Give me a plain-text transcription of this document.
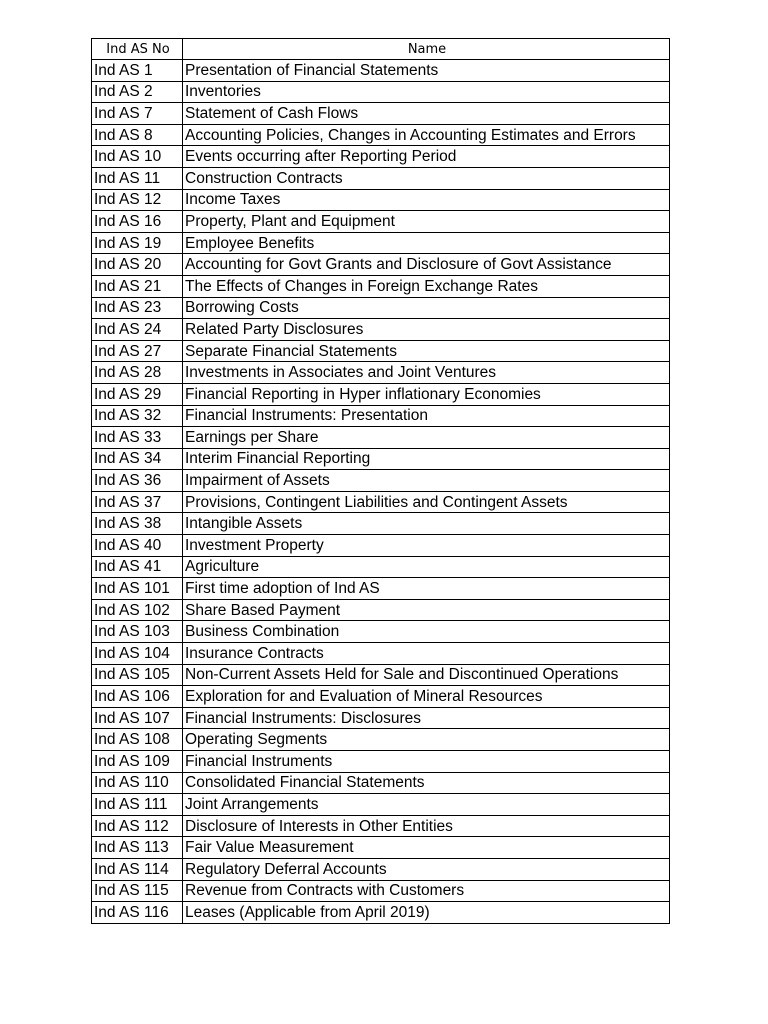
Ind AS No	Name
Ind AS 1	Presentation of Financial Statements
Ind AS 2	Inventories
Ind AS 7	Statement of Cash Flows
Ind AS 8	Accounting Policies, Changes in Accounting Estimates and Errors
Ind AS 10	Events occurring after Reporting Period
Ind AS 11	Construction Contracts
Ind AS 12	Income Taxes
Ind AS 16	Property, Plant and Equipment
Ind AS 19	Employee Benefits
Ind AS 20	Accounting for Govt Grants and Disclosure of Govt Assistance
Ind AS 21	The Effects of Changes in Foreign Exchange Rates
Ind AS 23	Borrowing Costs
Ind AS 24	Related Party Disclosures
Ind AS 27	Separate Financial Statements
Ind AS 28	Investments in Associates and Joint Ventures
Ind AS 29	Financial Reporting in Hyper inflationary Economies
Ind AS 32	Financial Instruments: Presentation
Ind AS 33	Earnings per Share
Ind AS 34	Interim Financial Reporting
Ind AS 36	Impairment of Assets
Ind AS 37	Provisions, Contingent Liabilities and Contingent Assets
Ind AS 38	Intangible Assets
Ind AS 40	Investment Property
Ind AS 41	Agriculture
Ind AS 101	First time adoption of Ind AS
Ind AS 102	Share Based Payment
Ind AS 103	Business Combination
Ind AS 104	Insurance Contracts
Ind AS 105	Non-Current Assets Held for Sale and Discontinued Operations
Ind AS 106	Exploration for and Evaluation of Mineral Resources
Ind AS 107	Financial Instruments: Disclosures
Ind AS 108	Operating Segments
Ind AS 109	Financial Instruments
Ind AS 110	Consolidated Financial Statements
Ind AS 111	Joint Arrangements
Ind AS 112	Disclosure of Interests in Other Entities
Ind AS 113	Fair Value Measurement
Ind AS 114	Regulatory Deferral Accounts
Ind AS 115	Revenue from Contracts with Customers
Ind AS 116	Leases (Applicable from April 2019)
